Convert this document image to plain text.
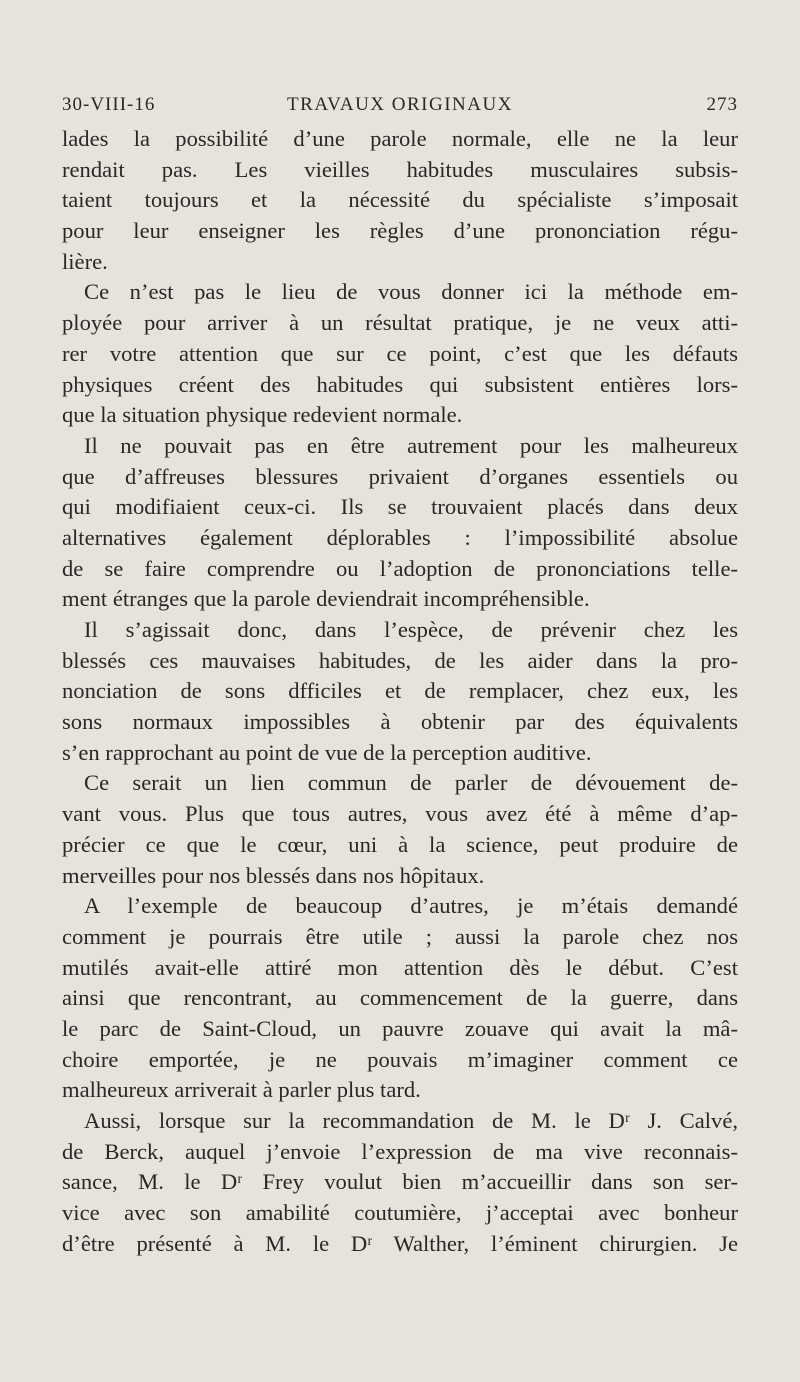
30-VIII-16	TRAVAUX ORIGINAUX	273
lades la possibilité d’une parole normale, elle ne la leur
rendait pas. Les vieilles habitudes musculaires subsis-
taient toujours et la nécessité du spécialiste s’imposait
pour leur enseigner les règles d’une prononciation régu-
lière.
Ce n’est pas le lieu de vous donner ici la méthode em-
ployée pour arriver à un résultat pratique, je ne veux atti-
rer votre attention que sur ce point, c’est que les défauts
physiques créent des habitudes qui subsistent entières lors-
que la situation physique redevient normale.
Il ne pouvait pas en être autrement pour les malheureux
que d’affreuses blessures privaient d’organes essentiels ou
qui modifiaient ceux-ci. Ils se trouvaient placés dans deux
alternatives également déplorables : l’impossibilité absolue
de se faire comprendre ou l’adoption de prononciations telle-
ment étranges que la parole deviendrait incompréhensible.
Il s’agissait donc, dans l’espèce, de prévenir chez les
blessés ces mauvaises habitudes, de les aider dans la pro-
nonciation de sons dfficiles et de remplacer, chez eux, les
sons normaux impossibles à obtenir par des équivalents
s’en rapprochant au point de vue de la perception auditive.
Ce serait un lien commun de parler de dévouement de-
vant vous. Plus que tous autres, vous avez été à même d’ap-
précier ce que le cœur, uni à la science, peut produire de
merveilles pour nos blessés dans nos hôpitaux.
A l’exemple de beaucoup d’autres, je m’étais demandé
comment je pourrais être utile ; aussi la parole chez nos
mutilés avait-elle attiré mon attention dès le début. C’est
ainsi que rencontrant, au commencement de la guerre, dans
le parc de Saint-Cloud, un pauvre zouave qui avait la mâ-
choire emportée, je ne pouvais m’imaginer comment ce
malheureux arriverait à parler plus tard.
Aussi, lorsque sur la recommandation de M. le Dʳ J. Calvé,
de Berck, auquel j’envoie l’expression de ma vive reconnais-
sance, M. le Dʳ Frey voulut bien m’accueillir dans son ser-
vice avec son amabilité coutumière, j’acceptai avec bonheur
d’être présenté à M. le Dʳ Walther, l’éminent chirurgien. Je
